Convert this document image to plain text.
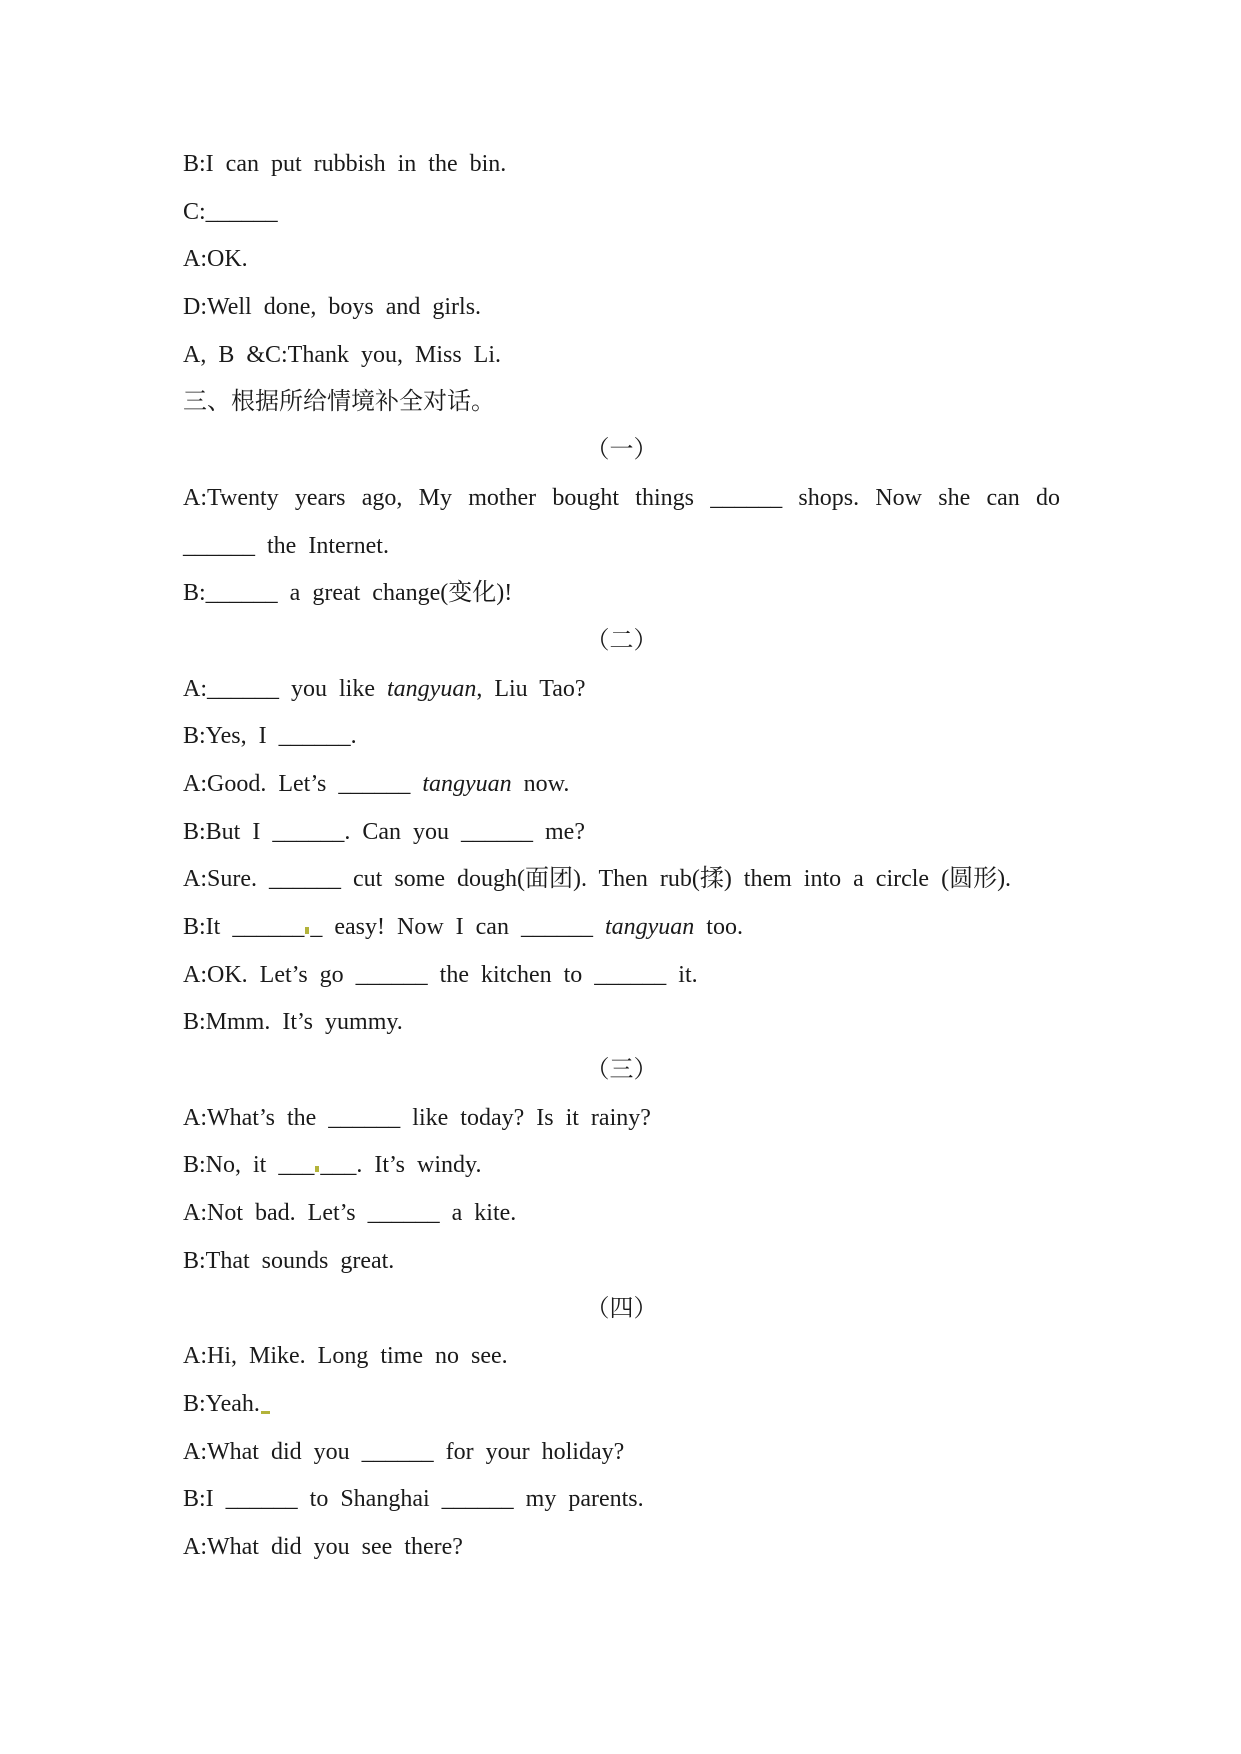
B:I can put rubbish in the bin.
C:______
A:OK.
D:Well done, boys and girls.
A, B &C:Thank you, Miss Li.
三、根据所给情境补全对话。
（一）
A:Twenty years ago, My mother bought things ______ shops. Now she can do
______ the Internet.
B:______ a great change(变化)!
（二）
A:______ you like tangyuan, Liu Tao?
B:Yes, I ______.
A:Good. Let’s ______ tangyuan now.
B:But I ______. Can you ______ me?
A:Sure. ______ cut some dough(面团). Then rub(揉) them into a circle (圆形).
B:It ______ _ easy! Now I can ______ tangyuan too.
A:OK. Let’s go ______ the kitchen to ______ it.
B:Mmm. It’s yummy.
（三）
A:What’s the ______ like today? Is it rainy?
B:No, it ___ ___. It’s windy.
A:Not bad. Let’s ______ a kite.
B:That sounds great.
（四）
A:Hi, Mike. Long time no see.
B:Yeah.
A:What did you ______ for your holiday?
B:I ______ to Shanghai ______ my parents.
A:What did you see there?
